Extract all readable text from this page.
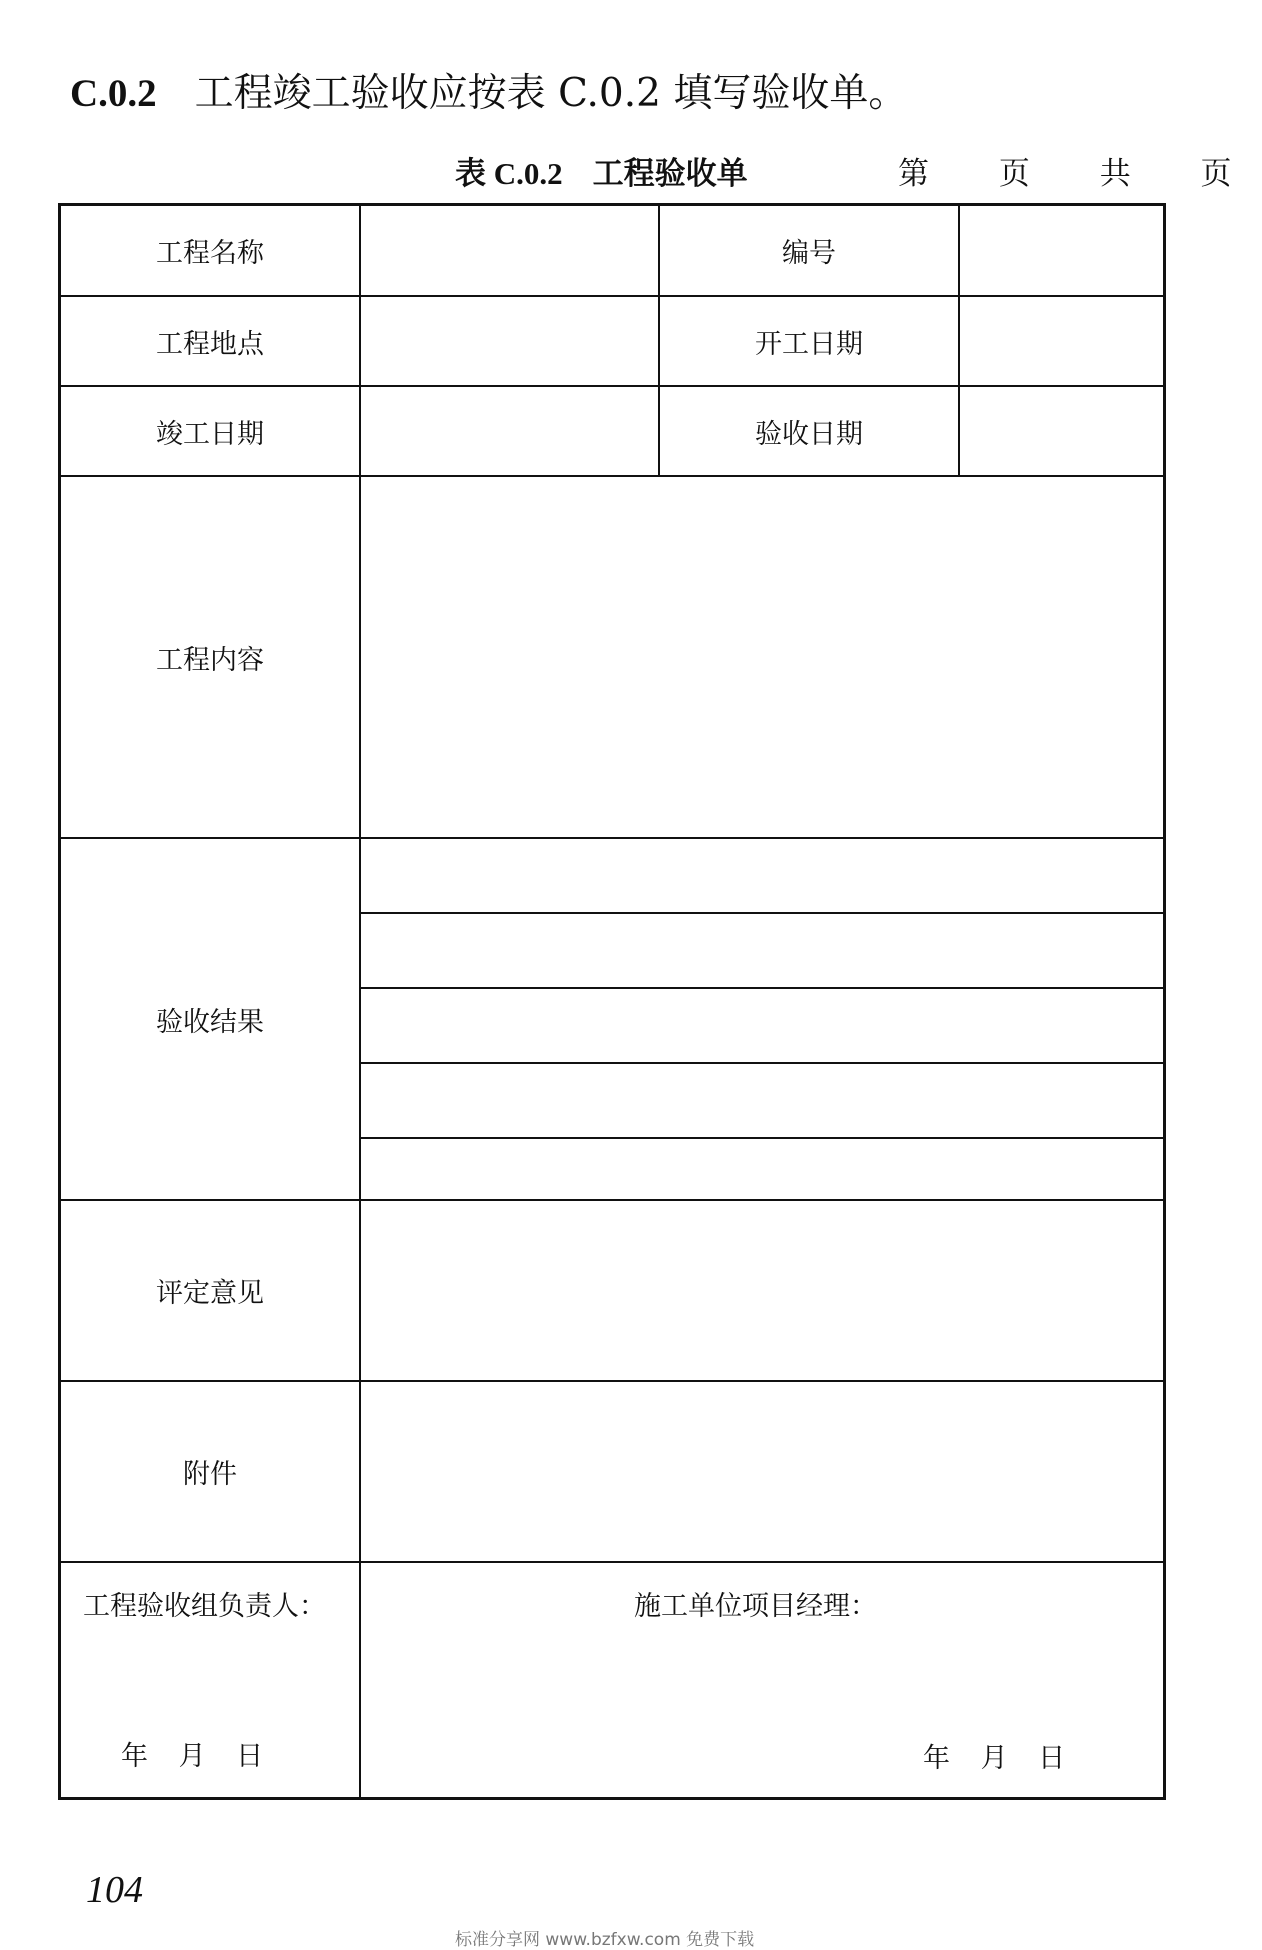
C.0.2 工程竣工验收应按表 C.0.2 填写验收单。
表 C.0.2 工程验收单	第 页 共 页
工程名称	编号
工程地点	开工日期
竣工日期	验收日期
工程内容
验收结果
评定意见
附件
工程验收组负责人：	施工单位项目经理：
年 月 日	年 月 日
104
标准分享网 www.bzfxw.com 免费下载
